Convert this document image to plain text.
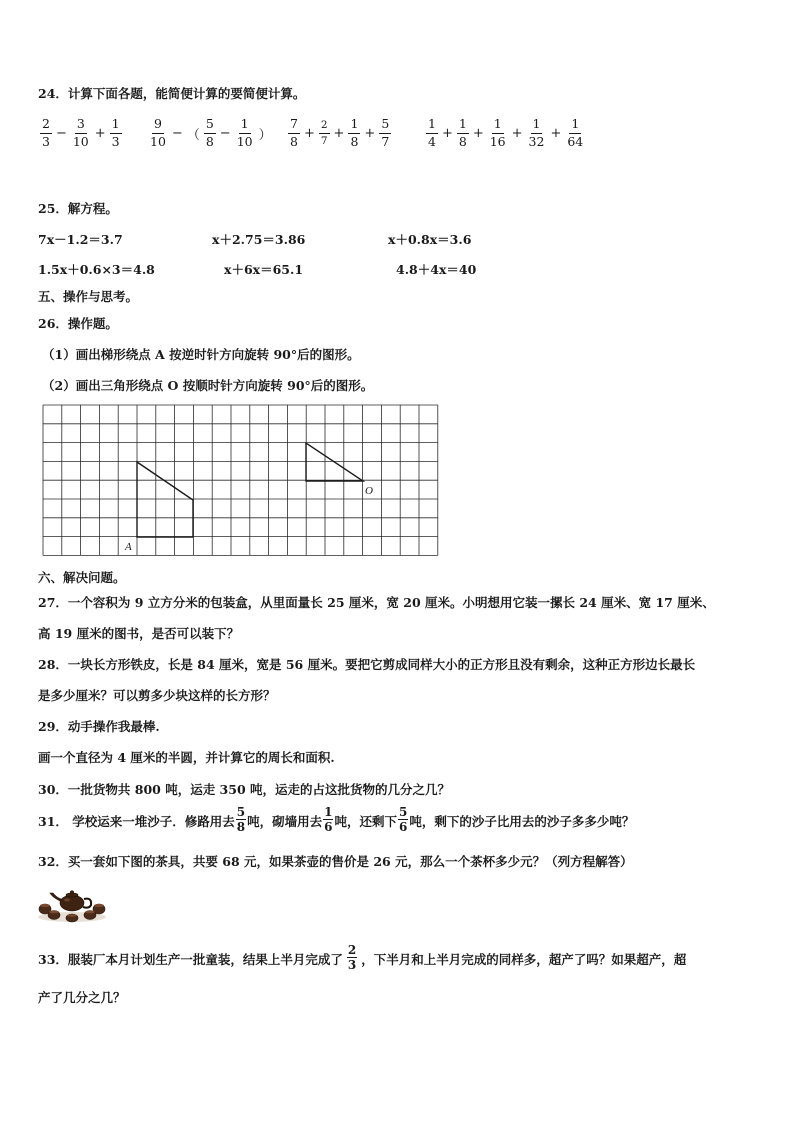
24．计算下面各题，能简便计算的要简便计算。
$\frac{2}{3} - \frac{3}{10} + \frac{1}{3} \frac{9}{10}$ − （ $\frac{5}{8} - \frac{1}{10}$ ） $\frac{7}{8} + \frac{2}{7} + \frac{1}{8} + \frac{5}{7}$	$\frac{1}{4} + \frac{1}{8} + \frac{1}{16} + \frac{1}{32} + \frac{1}{64}$
25．解方程。
7x－1.2＝3.7	x＋2.75＝3.86	x＋0.8x＝3.6
1.5x＋0.6×3＝4.8	x＋6x＝65.1	4.8＋4x＝40
五、操作与思考。
26．操作题。
（1）画出梯形绕点 A 按逆时针方向旋转 90°后的图形。
（2）画出三角形绕点 O 按顺时针方向旋转 90°后的图形。
A
O
六、解决问题。
27．一个容积为 9 立方分米的包装盒，从里面量长 25 厘米，宽 20 厘米。小明想用它装一摞长 24 厘米、宽 17 厘米、
高 19 厘米的图书，是否可以装下？
28．一块长方形铁皮，长是 84 厘米，宽是 56 厘米。要把它剪成同样大小的正方形且没有剩余，这种正方形边长最长
是多少厘米？可以剪多少块这样的长方形？
29．动手操作我最棒.
画一个直径为 4 厘米的半圆，并计算它的周长和面积.
30．一批货物共 800 吨，运走 350 吨，运走的占这批货物的几分之几？
31． 学校运来一堆沙子．修路用去 $\frac{5}{8}$ 吨，砌墙用去 $\frac{1}{6}$ 吨，还剩下 $\frac{5}{6}$ 吨，剩下的沙子比用去的沙子多多少吨？
32．买一套如下图的茶具，共要 68 元，如果茶壶的售价是 26 元，那么一个茶杯多少元？（列方程解答）
33．服装厂本月计划生产一批童装，结果上半月完成了 $\frac{2}{3}$ ，下半月和上半月完成的同样多，超产了吗？如果超产，超
产了几分之几？
